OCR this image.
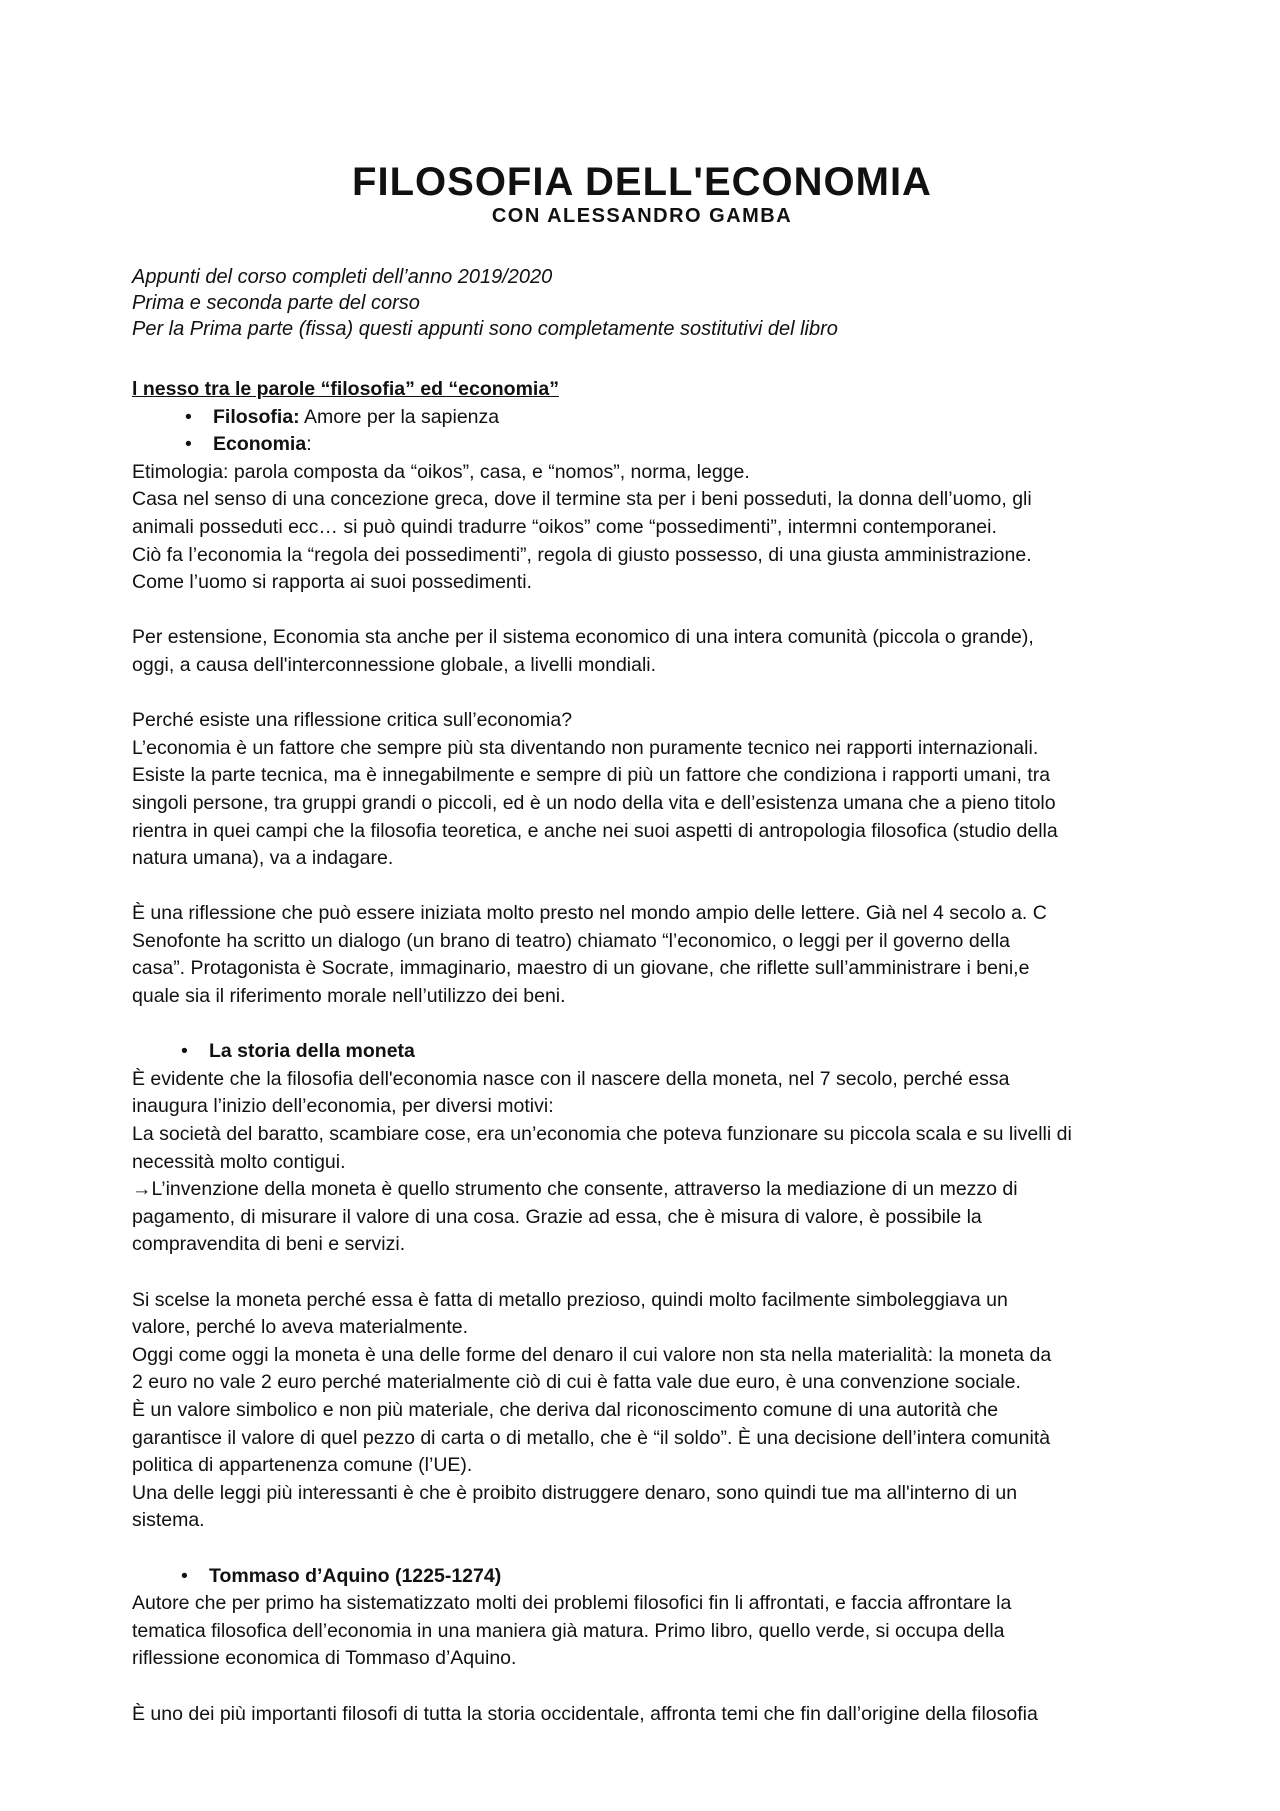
FILOSOFIA DELL'ECONOMIA
CON ALESSANDRO GAMBA
Appunti del corso completi dell’anno 2019/2020
Prima e seconda parte del corso
Per la Prima parte (fissa) questi appunti sono completamente sostitutivi del libro
l nesso tra le parole “filosofia” ed “economia”
•	Filosofia: Amore per la sapienza
•	Economia:
Etimologia: parola composta da “oikos”, casa, e “nomos”, norma, legge.
Casa nel senso di una concezione greca, dove il termine sta per i beni posseduti, la donna dell’uomo, gli
animali posseduti ecc… si può quindi tradurre “oikos” come “possedimenti”, intermni contemporanei.
Ciò fa l’economia la “regola dei possedimenti”, regola di giusto possesso, di una giusta amministrazione.
Come l’uomo si rapporta ai suoi possedimenti.
Per estensione, Economia sta anche per il sistema economico di una intera comunità (piccola o grande),
oggi, a causa dell'interconnessione globale, a livelli mondiali.
Perché esiste una riflessione critica sull’economia?
L’economia è un fattore che sempre più sta diventando non puramente tecnico nei rapporti internazionali.
Esiste la parte tecnica, ma è innegabilmente e sempre di più un fattore che condiziona i rapporti umani, tra
singoli persone, tra gruppi grandi o piccoli, ed è un nodo della vita e dell’esistenza umana che a pieno titolo
rientra in quei campi che la filosofia teoretica, e anche nei suoi aspetti di antropologia filosofica (studio della
natura umana), va a indagare.
È una riflessione che può essere iniziata molto presto nel mondo ampio delle lettere. Già nel 4 secolo a. C
Senofonte ha scritto un dialogo (un brano di teatro) chiamato “l’economico, o leggi per il governo della
casa”. Protagonista è Socrate, immaginario, maestro di un giovane, che riflette sull’amministrare i beni,e
quale sia il riferimento morale nell’utilizzo dei beni.
•	La storia della moneta
È evidente che la filosofia dell'economia nasce con il nascere della moneta, nel 7 secolo, perché essa
inaugura l’inizio dell’economia, per diversi motivi:
La società del baratto, scambiare cose, era un’economia che poteva funzionare su piccola scala e su livelli di
necessità molto contigui.
→L’invenzione della moneta è quello strumento che consente, attraverso la mediazione di un mezzo di
pagamento, di misurare il valore di una cosa. Grazie ad essa, che è misura di valore, è possibile la
compravendita di beni e servizi.
Si scelse la moneta perché essa è fatta di metallo prezioso, quindi molto facilmente simboleggiava un
valore, perché lo aveva materialmente.
Oggi come oggi la moneta è una delle forme del denaro il cui valore non sta nella materialità: la moneta da
2 euro no vale 2 euro perché materialmente ciò di cui è fatta vale due euro, è una convenzione sociale.
È un valore simbolico e non più materiale, che deriva dal riconoscimento comune di una autorità che
garantisce il valore di quel pezzo di carta o di metallo, che è “il soldo”. È una decisione dell’intera comunità
politica di appartenenza comune (l’UE).
Una delle leggi più interessanti è che è proibito distruggere denaro, sono quindi tue ma all'interno di un
sistema.
•	Tommaso d’Aquino (1225-1274)
Autore che per primo ha sistematizzato molti dei problemi filosofici fin li affrontati, e faccia affrontare la
tematica filosofica dell’economia in una maniera già matura. Primo libro, quello verde, si occupa della
riflessione economica di Tommaso d’Aquino.
È uno dei più importanti filosofi di tutta la storia occidentale, affronta temi che fin dall’origine della filosofia
